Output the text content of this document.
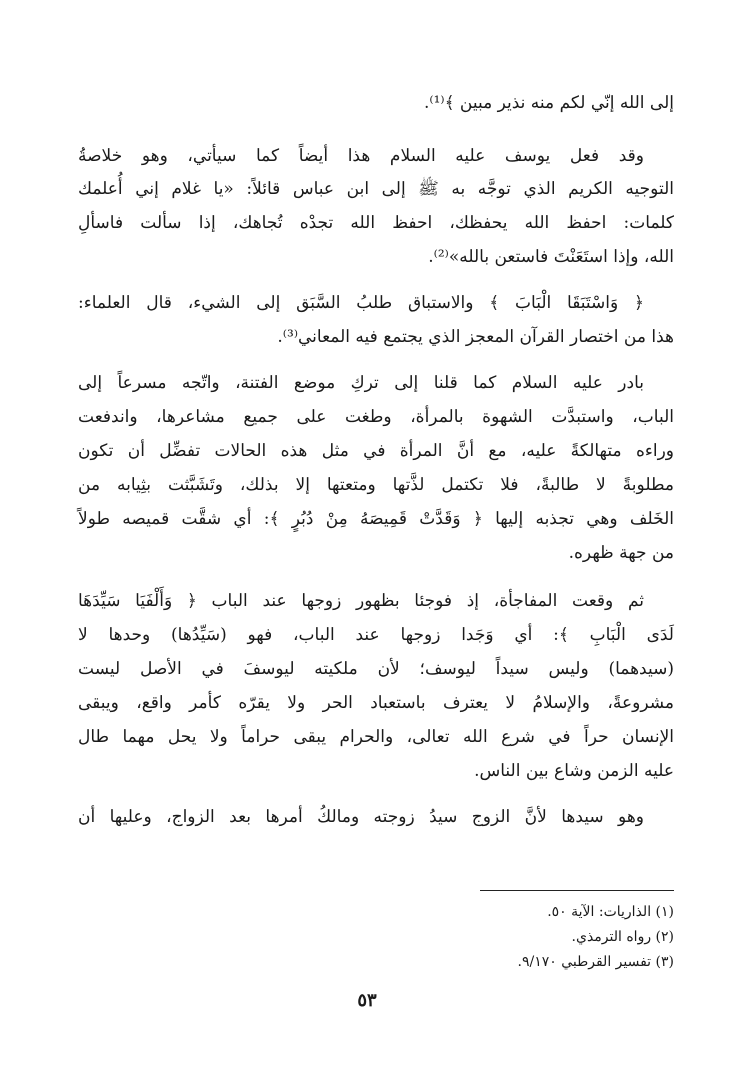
إلى الله إنّي لكم منه نذير مبين ﴾⁽¹⁾.
وقد فعل يوسف عليه السلام هذا أيضاً كما سيأتي، وهو خلاصةُ
التوجيه الكريم الذي توجَّه به ﷺ إلى ابن عباس قائلاً: «يا غلام إني أُعلمك
كلمات: احفظ الله يحفظك، احفظ الله تجدْه تُجاهك، إذا سألت فاسألِ
الله، وإذا استَعَنْتَ فاستعن بالله»⁽²⁾.
﴿ وَاسْتَبَقَا الْبَابَ ﴾ والاستباق طلبُ السَّبَق إلى الشيء، قال العلماء:
هذا من اختصار القرآن المعجز الذي يجتمع فيه المعاني⁽³⁾.
بادر عليه السلام كما قلنا إلى تركِ موضع الفتنة، واتّجه مسرعاً إلى
الباب، واستبدَّت الشهوة بالمرأة، وطغت على جميع مشاعرها، واندفعت
وراءه متهالكةً عليه، مع أنَّ المرأة في مثل هذه الحالات تفضِّل أن تكون
مطلوبةً لا طالبةً، فلا تكتمل لذَّتها ومتعتها إلا بذلك، وتَشَبَّثت بثِيابه من
الخَلف وهي تجذبه إليها ﴿ وَقَدَّتْ قَمِيصَهُ مِنْ دُبُرٍ ﴾: أي شقَّت قميصه طولاً
من جهة ظهره.
ثم وقعت المفاجأة، إذ فوجئا بظهور زوجها عند الباب ﴿ وَأَلْفَيَا سَيِّدَهَا
لَدَى الْبَابِ ﴾: أي وَجَدا زوجها عند الباب، فهو (سَيِّدُها) وحدها لا
(سيدهما) وليس سيداً ليوسف؛ لأن ملكيته ليوسفَ في الأصل ليست
مشروعةً، والإسلامُ لا يعترف باستعباد الحر ولا يقرّه كأمر واقع، ويبقى
الإنسان حراً في شرع الله تعالى، والحرام يبقى حراماً ولا يحل مهما طال
عليه الزمن وشاع بين الناس.
وهو سيدها لأنَّ الزوج سيدُ زوجته ومالكُ أمرها بعد الزواج، وعليها أن
(١) الذاريات: الآية ٥٠.
(٢) رواه الترمذي.
(٣) تفسير القرطبي ٩/١٧٠.
٥٣
